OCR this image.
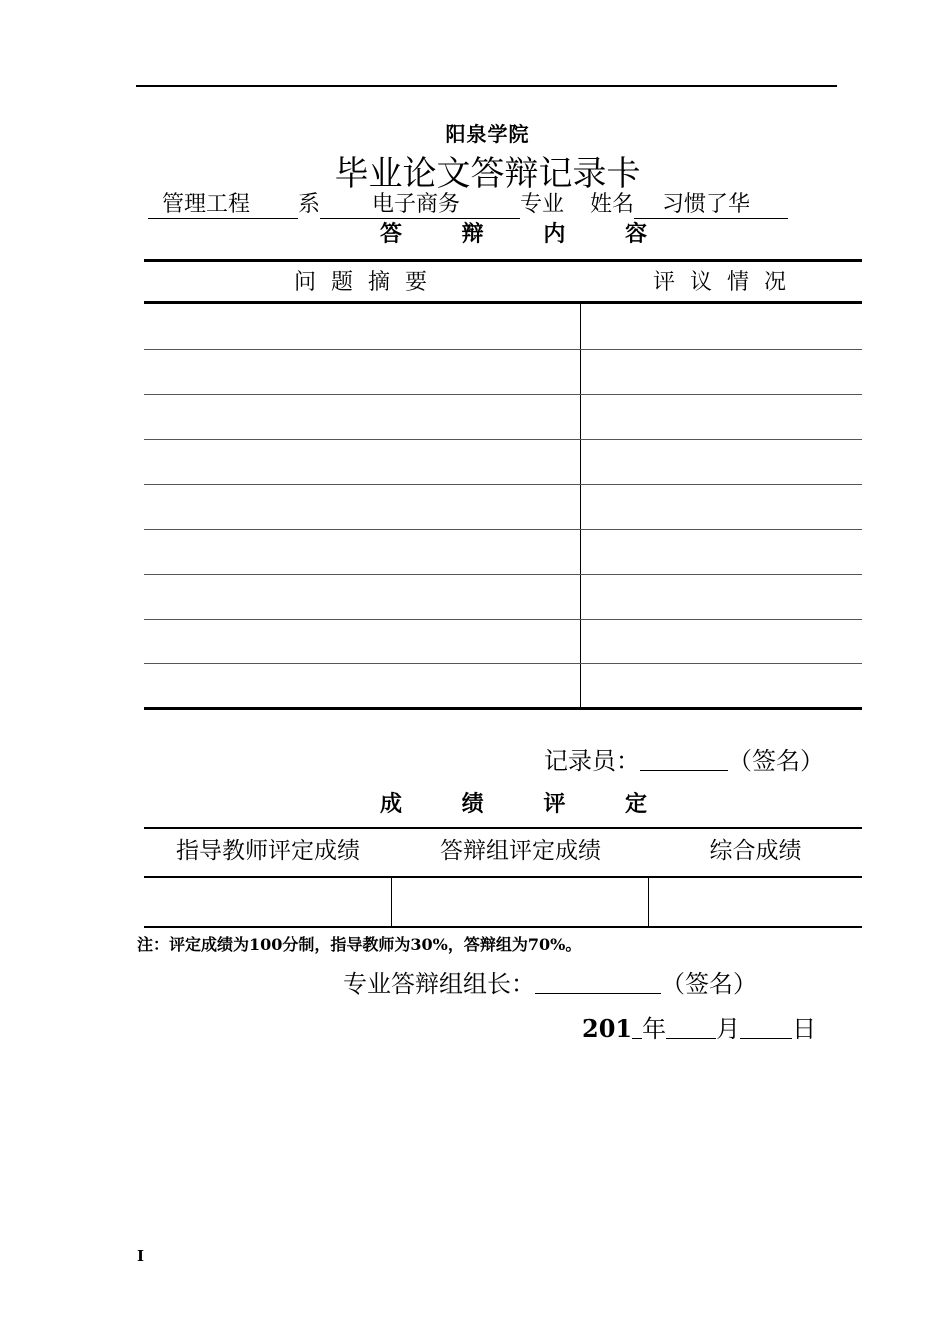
阳泉学院
毕业论文答辩记录卡
管理工程 系 电子商务	专业 姓名 习惯了华
答 辩 内 容
问 题 摘 要	评 议 情 况
记录员：	（签名）
成 绩 评 定
指导教师评定成绩	答辩组评定成绩	综合成绩
注：评定成绩为100分制，指导教师为30%，答辩组为70%。
专业答辩组组长：	（签名）
201 年 月 日
I
